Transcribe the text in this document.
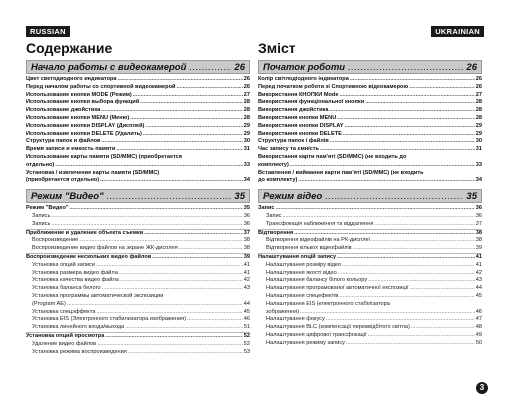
RUSSIAN	UKRAINIAN
Содержание	Зміст
Начало работы с видеокамерой .....	26
Цвет светодиодного индикатора .....	26
Перед началом работы со спортивной видеокамерой .....	26
Использование кнопки MODE (Режим) .....	27
Использование кнопки выбора функций .....	28
Использование джойстика .....	28
Использование кнопки MENU (Меню) .....	28
Использование кнопки DISPLAY (Дисплей) .....	29
Использование кнопки DELETE (Удалить) .....	29
Структура папок и файлов .....	30
Время записи и емкость памяти .....	31
Использование карты памяти (SD/MMC) (приобретается
отдельно) .....	33
Установка / извлечение карты памяти (SD/MMC)
(приобретается отдельно) .....	34
Режим "Видео" .....	35
Режим "Видео" .....	35
Запись .....	36
Запись .....	36
Приближение и удаление объекта съемки .....	37
Воспроизведение .....	38
Воспроизведение видео файлов на экране ЖК-дисплея .....	38
Воспроизведение нескольких видео файлов .....	39
Установка опций записи .....	41
Установка размера видео файла .....	41
Установка качества видео файла .....	42
Установка баланса белого .....	43
Установка программы автоматической экспозиции
(Program AE) .....	44
Установка спецэффекта .....	45
Установка EIS (Электронного стабилизатора изображения) .....	46
Установка линейного входа/выхода .....	51
Установка опций просмотра .....	52
Удаление видео файлов .....	52
Установка режима воспроизведения .....	53
Початок роботи .....	26
Колір світлодіодного індикатора .....	26
Перед початком роботи зі Спортивною відеокамерою .....	26
Використання КНОПКИ Mode .....	27
Використання функціональної кнопки .....	28
Використання джойстика .....	28
Використання кнопки MENU .....	28
Використання кнопки DISPLAY .....	29
Використання кнопки DELETE .....	29
Структура папок і файлів .....	30
Час запису та ємність .....	31
Використання карти пам'яті (SD/MMC) (не входить до
комплекту) .....	33
Вставлення / виймання карти пам'яті (SD/MMC) (не входить
до комплекту) .....	34
Режим відео .....	35
Запис .....	36
Запис .....	36
Трансфокація наближення та віддалення .....	37
Відтворення .....	38
Відтворення відеофайлів на РК-дисплеї .....	38
Відтворення кількох відеофайлів .....	39
Налаштування опцій запису .....	41
Налаштування розміру відео .....	41
Налаштування якості відео .....	42
Налаштування балансу білого кольору .....	43
Налаштування програмованої автоматичної експозиції .....	44
Налаштування спецефектів .....	45
Налаштування EIS (електронного стабілізатора
зображення) .....	46
Налаштування фокусу .....	47
Налаштування BLC (компенсації переввідбітого світла) .....	48
Налаштування цифрової трансфокації .....	49
Налаштування режиму запису .....	50
3
